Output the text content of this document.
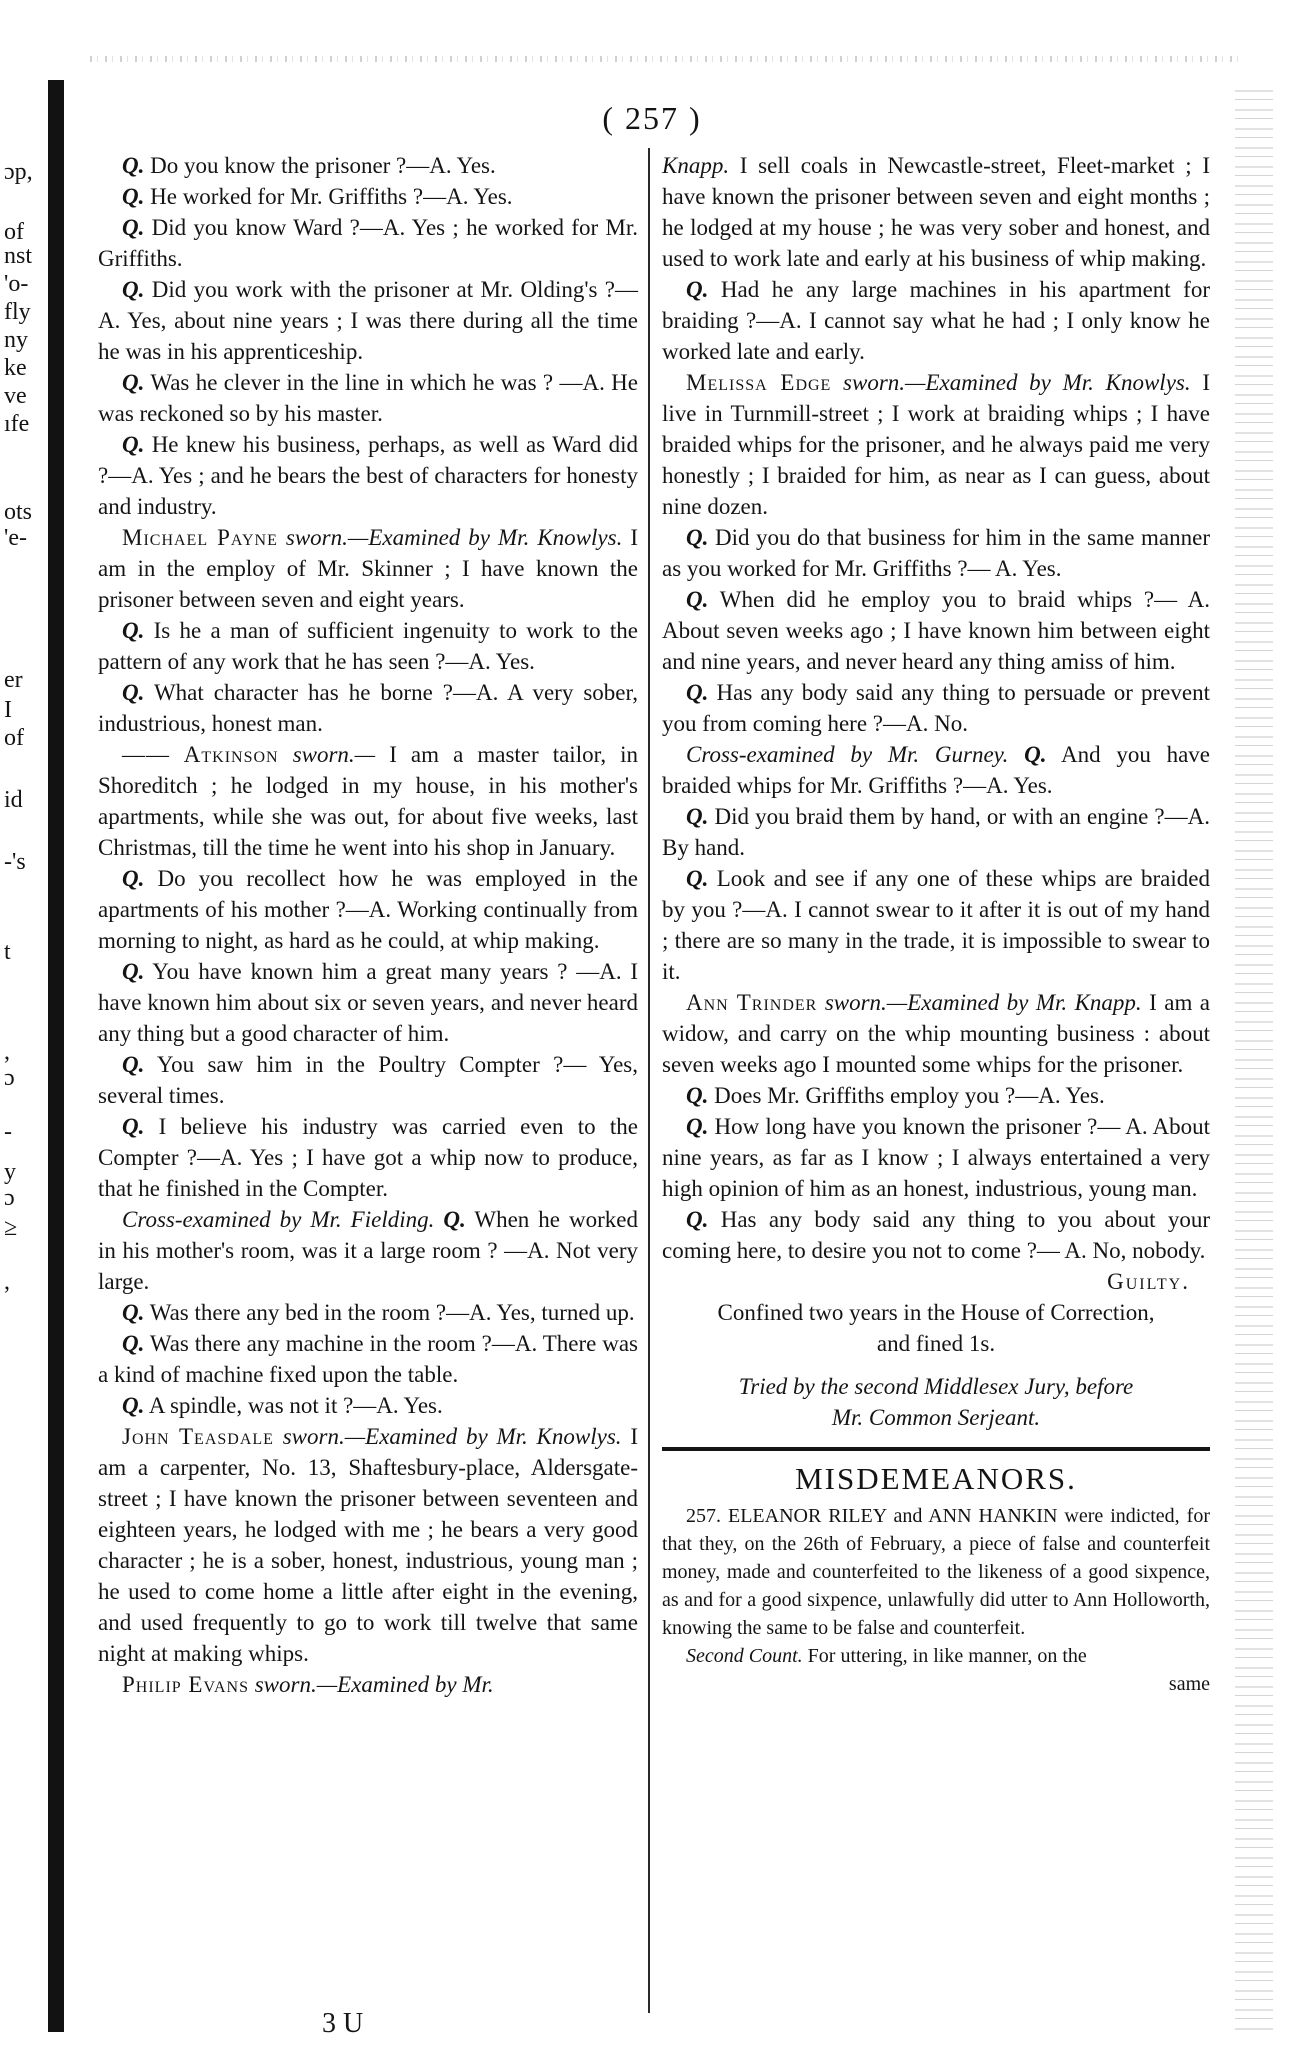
ɔp,
of
nst
'o-
fly
ny
ke
ve
ıfe
ots
'e-
er
I
of
id
-'s
t
,
ɔ
-
y
ɔ
≥
,
( 257 )

Q. Do you know the prisoner ?—A. Yes.

Q. He worked for Mr. Griffiths ?—A. Yes.

Q. Did you know Ward ?—A. Yes ; he worked for Mr. Griffiths.

Q. Did you work with the prisoner at Mr. Olding's ?—A. Yes, about nine years ; I was there during all the time he was in his apprenticeship.

Q. Was he clever in the line in which he was ? —A. He was reckoned so by his master.

Q. He knew his business, perhaps, as well as Ward did ?—A. Yes ; and he bears the best of characters for honesty and industry.

Michael Payne sworn.—Examined by Mr. Knowlys. I am in the employ of Mr. Skinner ; I have known the prisoner between seven and eight years.

Q. Is he a man of sufficient ingenuity to work to the pattern of any work that he has seen ?—A. Yes.

Q. What character has he borne ?—A. A very sober, industrious, honest man.

—— Atkinson sworn.— I am a master tailor, in Shoreditch ; he lodged in my house, in his mother's apartments, while she was out, for about five weeks, last Christmas, till the time he went into his shop in January.

Q. Do you recollect how he was employed in the apartments of his mother ?—A. Working continually from morning to night, as hard as he could, at whip making.

Q. You have known him a great many years ? —A. I have known him about six or seven years, and never heard any thing but a good character of him.

Q. You saw him in the Poultry Compter ?— Yes, several times.

Q. I believe his industry was carried even to the Compter ?—A. Yes ; I have got a whip now to produce, that he finished in the Compter.

Cross-examined by Mr. Fielding. Q. When he worked in his mother's room, was it a large room ? —A. Not very large.

Q. Was there any bed in the room ?—A. Yes, turned up.

Q. Was there any machine in the room ?—A. There was a kind of machine fixed upon the table.

Q. A spindle, was not it ?—A. Yes.

John Teasdale sworn.—Examined by Mr. Knowlys. I am a carpenter, No. 13, Shaftesbury-place, Aldersgate-street ; I have known the prisoner between seventeen and eighteen years, he lodged with me ; he bears a very good character ; he is a sober, honest, industrious, young man ; he used to come home a little after eight in the evening, and used frequently to go to work till twelve that same night at making whips.

Philip Evans sworn.—Examined by Mr.

Knapp. I sell coals in Newcastle-street, Fleet-market ; I have known the prisoner between seven and eight months ; he lodged at my house ; he was very sober and honest, and used to work late and early at his business of whip making.

Q. Had he any large machines in his apartment for braiding ?—A. I cannot say what he had ; I only know he worked late and early.

Melissa Edge sworn.—Examined by Mr. Knowlys. I live in Turnmill-street ; I work at braiding whips ; I have braided whips for the prisoner, and he always paid me very honestly ; I braided for him, as near as I can guess, about nine dozen.

Q. Did you do that business for him in the same manner as you worked for Mr. Griffiths ?— A. Yes.

Q. When did he employ you to braid whips ?— A. About seven weeks ago ; I have known him between eight and nine years, and never heard any thing amiss of him.

Q. Has any body said any thing to persuade or prevent you from coming here ?—A. No.

Cross-examined by Mr. Gurney. Q. And you have braided whips for Mr. Griffiths ?—A. Yes.

Q. Did you braid them by hand, or with an engine ?—A. By hand.

Q. Look and see if any one of these whips are braided by you ?—A. I cannot swear to it after it is out of my hand ; there are so many in the trade, it is impossible to swear to it.

Ann Trinder sworn.—Examined by Mr. Knapp. I am a widow, and carry on the whip mounting business : about seven weeks ago I mounted some whips for the prisoner.

Q. Does Mr. Griffiths employ you ?—A. Yes.

Q. How long have you known the prisoner ?— A. About nine years, as far as I know ; I always entertained a very high opinion of him as an honest, industrious, young man.

Q. Has any body said any thing to you about your coming here, to desire you not to come ?— A. No, nobody.

Guilty.

Confined two years in the House of Correction,

and fined 1s.

Tried by the second Middlesex Jury, before

Mr. Common Serjeant.

MISDEMEANORS.

257. ELEANOR RILEY and ANN HANKIN were indicted, for that they, on the 26th of February, a piece of false and counterfeit money, made and counterfeited to the likeness of a good sixpence, as and for a good sixpence, unlawfully did utter to Ann Holloworth, knowing the same to be false and counterfeit.

Second Count. For uttering, in like manner, on the

same

3 U
